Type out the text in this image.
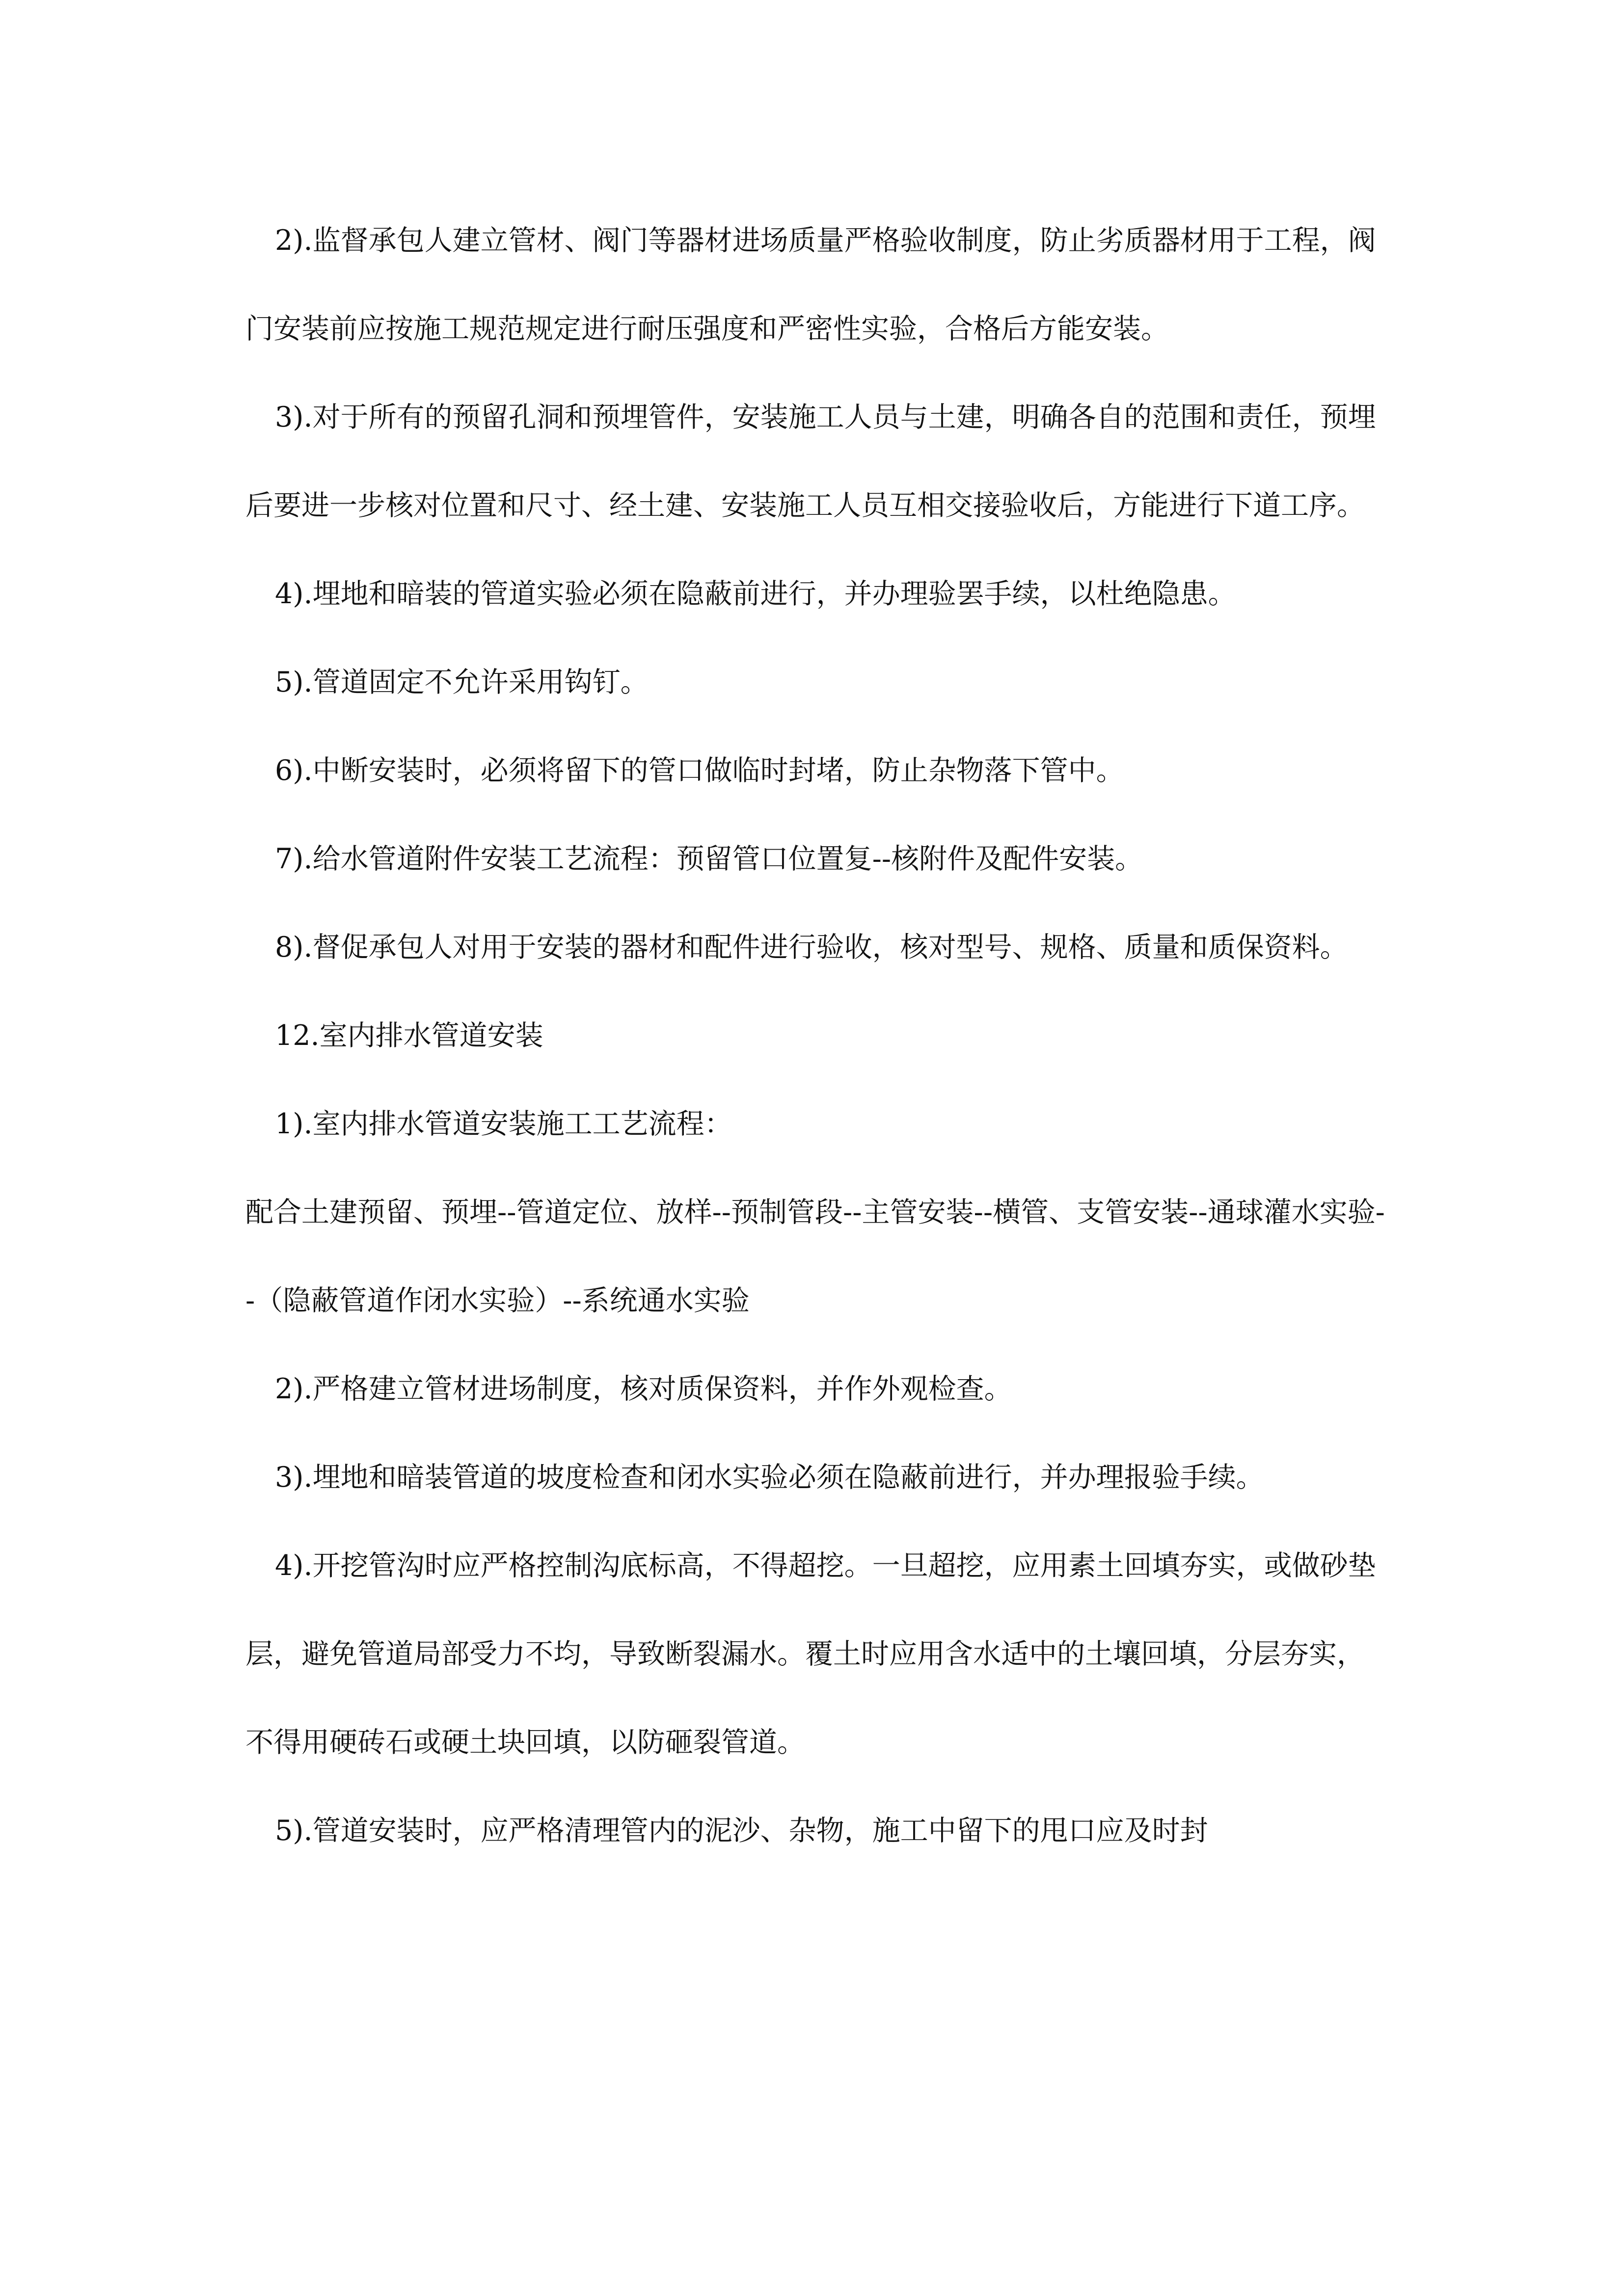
2).监督承包人建立管材、阀门等器材进场质量严格验收制度，防止劣质器材用于工程，阀门安装前应按施工规范规定进行耐压强度和严密性实验，合格后方能安装。

3).对于所有的预留孔洞和预埋管件，安装施工人员与土建，明确各自的范围和责任，预埋后要进一步核对位置和尺寸、经土建、安装施工人员互相交接验收后，方能进行下道工序。

4).埋地和暗装的管道实验必须在隐蔽前进行，并办理验罢手续，以杜绝隐患。

5).管道固定不允许采用钩钉。

6).中断安装时，必须将留下的管口做临时封堵，防止杂物落下管中。

7).给水管道附件安装工艺流程：预留管口位置复--核附件及配件安装。

8).督促承包人对用于安装的器材和配件进行验收，核对型号、规格、质量和质保资料。

12.室内排水管道安装

1).室内排水管道安装施工工艺流程：

配合土建预留、预埋--管道定位、放样--预制管段--主管安装--横管、支管安装--通球灌水实验--（隐蔽管道作闭水实验）--系统通水实验

2).严格建立管材进场制度，核对质保资料，并作外观检查。

3).埋地和暗装管道的坡度检查和闭水实验必须在隐蔽前进行，并办理报验手续。

4).开挖管沟时应严格控制沟底标高，不得超挖。一旦超挖，应用素土回填夯实，或做砂垫层，避免管道局部受力不均，导致断裂漏水。覆土时应用含水适中的土壤回填，分层夯实，不得用硬砖石或硬土块回填，以防砸裂管道。

5).管道安装时，应严格清理管内的泥沙、杂物，施工中留下的甩口应及时封
